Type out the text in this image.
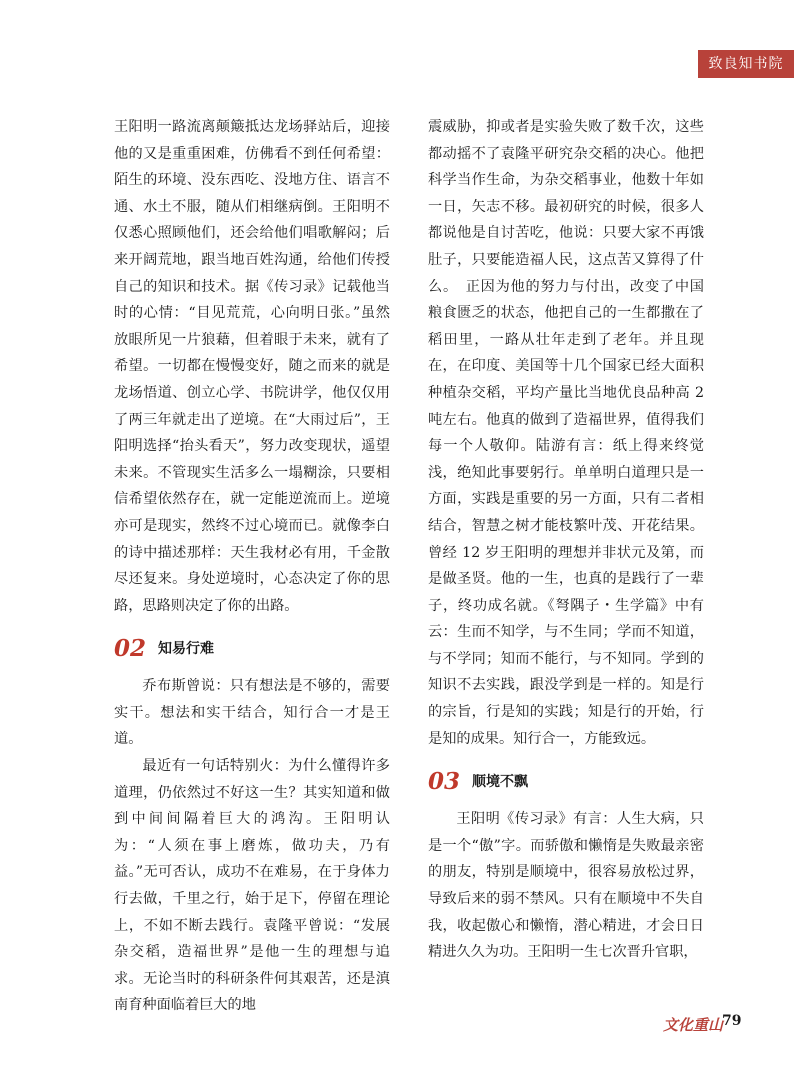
致良知书院

王阳明一路流离颠簸抵达龙场驿站后，迎接他的又是重重困难，仿佛看不到任何希望：陌生的环境、没东西吃、没地方住、语言不通、水土不服，随从们相继病倒。王阳明不仅悉心照顾他们，还会给他们唱歌解闷；后来开阔荒地，跟当地百姓沟通，给他们传授自己的知识和技术。据《传习录》记载他当时的心情：“目见荒荒，心向明日张。”虽然放眼所见一片狼藉，但着眼于未来，就有了希望。一切都在慢慢变好，随之而来的就是龙场悟道、创立心学、书院讲学，他仅仅用了两三年就走出了逆境。在“大雨过后”，王阳明选择“抬头看天”，努力改变现状，遥望未来。不管现实生活多么一塌糊涂，只要相信希望依然存在，就一定能逆流而上。逆境亦可是现实，然终不过心境而已。就像李白的诗中描述那样：天生我材必有用，千金散尽还复来。身处逆境时，心态决定了你的思路，思路则决定了你的出路。

02 知易行难

乔布斯曾说：只有想法是不够的，需要实干。想法和实干结合，知行合一才是王道。

最近有一句话特别火：为什么懂得许多道理，仍依然过不好这一生？其实知道和做到中间间隔着巨大的鸿沟。王阳明认为：“人须在事上磨炼，做功夫，乃有益。”无可否认，成功不在难易，在于身体力行去做，千里之行，始于足下，停留在理论上，不如不断去践行。袁隆平曾说：“发展杂交稻，造福世界”是他一生的理想与追求。无论当时的科研条件何其艰苦，还是滇南育种面临着巨大的地

震威胁，抑或者是实验失败了数千次，这些都动摇不了袁隆平研究杂交稻的决心。他把科学当作生命，为杂交稻事业，他数十年如一日，矢志不移。最初研究的时候，很多人都说他是自讨苦吃，他说：只要大家不再饿肚子，只要能造福人民，这点苦又算得了什么。　正因为他的努力与付出，改变了中国粮食匮乏的状态，他把自己的一生都撒在了稻田里，一路从壮年走到了老年。并且现在，在印度、美国等十几个国家已经大面积种植杂交稻，平均产量比当地优良品种高 2 吨左右。他真的做到了造福世界，值得我们每一个人敬仰。陆游有言：纸上得来终觉浅，绝知此事要躬行。单单明白道理只是一方面，实践是重要的另一方面，只有二者相结合，智慧之树才能枝繁叶茂、开花结果。曾经 12 岁王阳明的理想并非状元及第，而是做圣贤。他的一生，也真的是践行了一辈子，终功成名就。《弩隅子・生学篇》中有云：生而不知学，与不生同；学而不知道，与不学同；知而不能行，与不知同。学到的知识不去实践，跟没学到是一样的。知是行的宗旨，行是知的实践；知是行的开始，行是知的成果。知行合一，方能致远。

03 顺境不飘

王阳明《传习录》有言：人生大病，只是一个“傲”字。而骄傲和懒惰是失败最亲密的朋友，特别是顺境中，很容易放松过界，导致后来的弱不禁风。只有在顺境中不失自我，收起傲心和懒惰，潜心精进，才会日日精进久久为功。王阳明一生七次晋升官职，

文化重山
79
